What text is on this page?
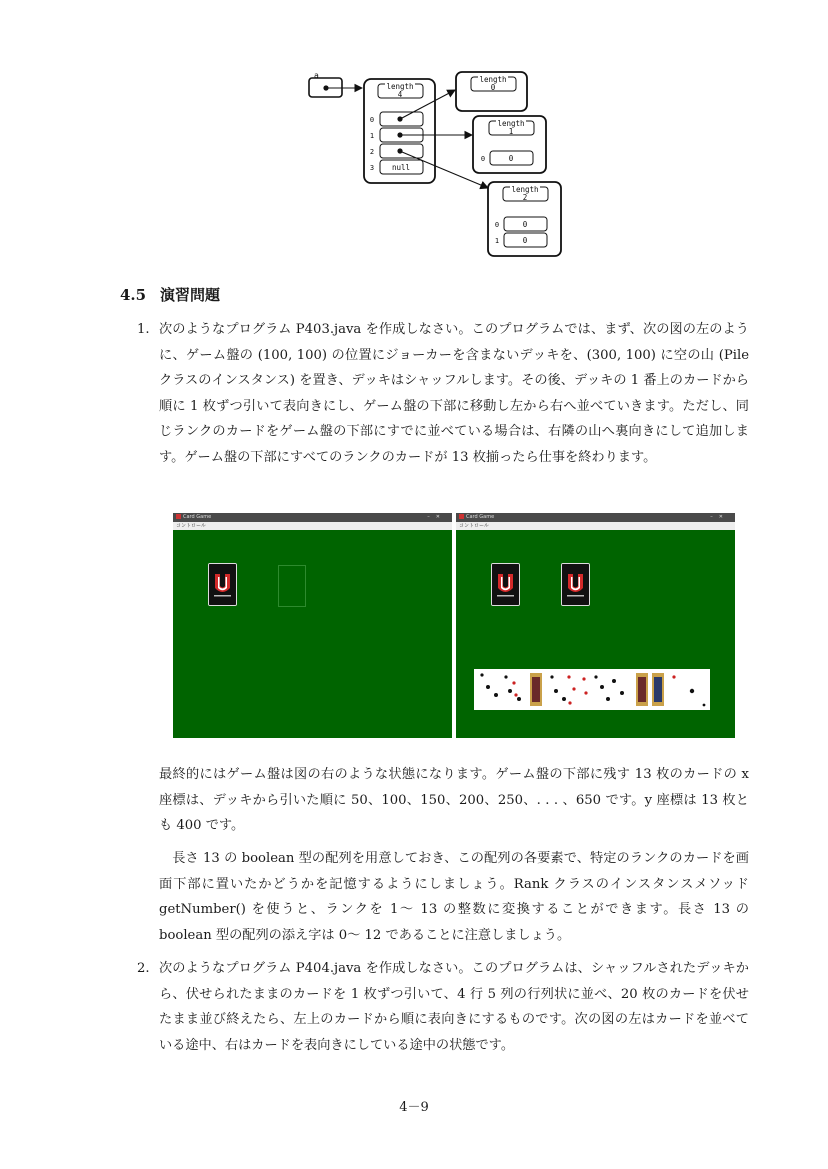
a
length
4
0
1
2
3 null
length
0
length
1
0	0
length
2
0
1
0
0
4.5 演習問題
1. 次のようなプログラム P403.java を作成しなさい。このプログラムでは、まず、次の図の左のように、ゲーム盤の (100, 100) の位置にジョーカーを含まないデッキを、(300, 100) に空の山 (Pile クラスのインスタンス) を置き、デッキはシャッフルします。その後、デッキの 1 番上のカードから順に 1 枚ずつ引いて表向きにし、ゲーム盤の下部に移動し左から右へ並べていきます。ただし、同じランクのカードをゲーム盤の下部にすでに並べている場合は、右隣の山へ裏向きにして追加します。ゲーム盤の下部にすべてのランクのカードが 13 枚揃ったら仕事を終わります。
Card Game	–✕
コントロール
Card Game	–✕
コントロール
最終的にはゲーム盤は図の右のような状態になります。ゲーム盤の下部に残す 13 枚のカードの x 座標は、デッキから引いた順に 50、100、150、200、250、. . . 、650 です。y 座標は 13 枚とも 400 です。
長さ 13 の boolean 型の配列を用意しておき、この配列の各要素で、特定のランクのカードを画面下部に置いたかどうかを記憶するようにしましょう。Rank クラスのインスタンスメソッド getNumber() を使うと、ランクを 1～ 13 の整数に変換することができます。長さ 13 の boolean 型の配列の添え字は 0～ 12 であることに注意しましょう。
2. 次のようなプログラム P404.java を作成しなさい。このプログラムは、シャッフルされたデッキから、伏せられたままのカードを 1 枚ずつ引いて、4 行 5 列の行列状に並べ、20 枚のカードを伏せたまま並び終えたら、左上のカードから順に表向きにするものです。次の図の左はカードを並べている途中、右はカードを表向きにしている途中の状態です。
4－9
